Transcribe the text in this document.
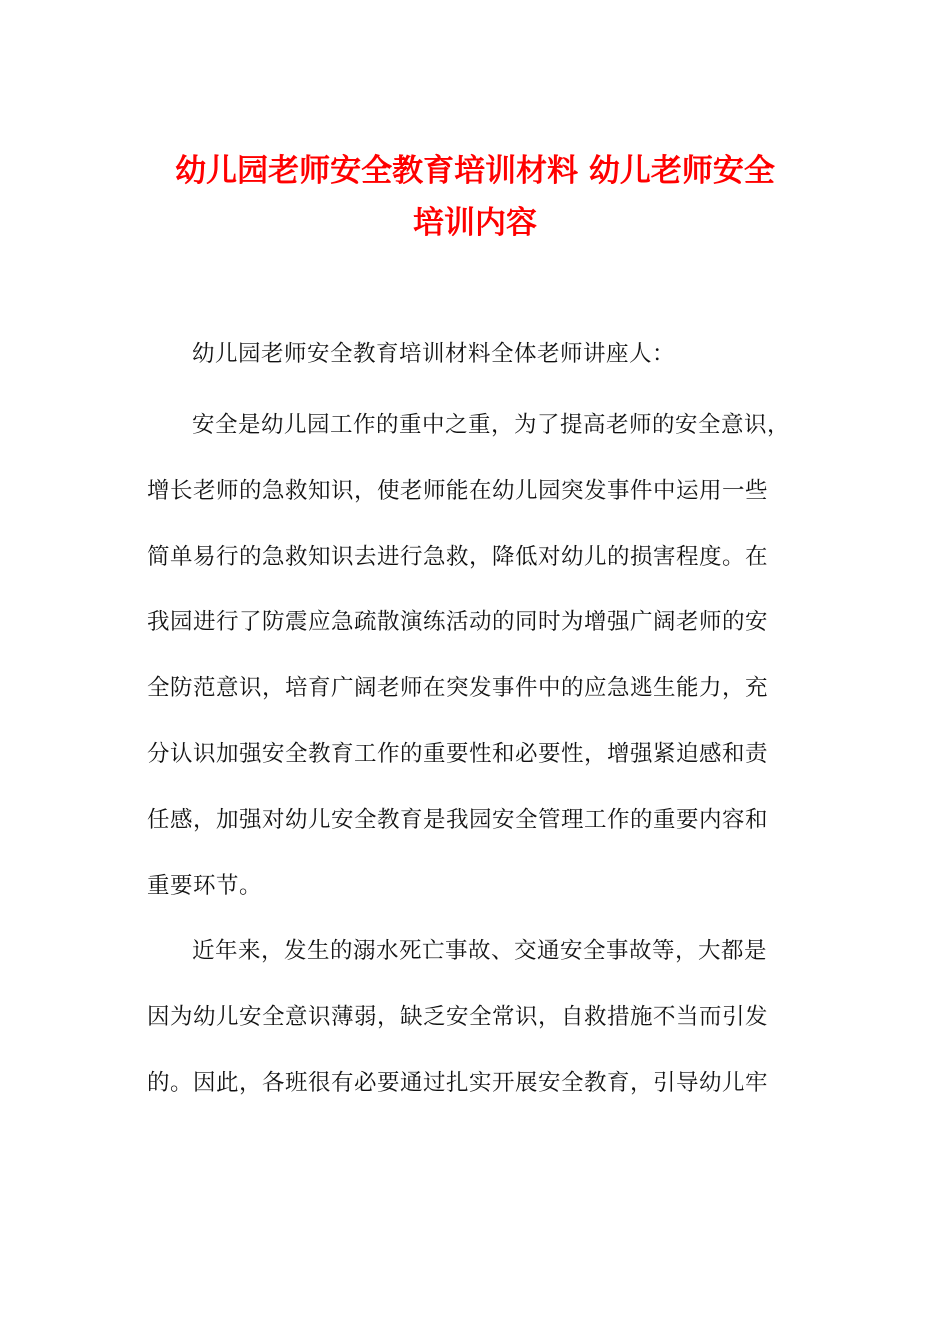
幼儿园老师安全教育培训材料 幼儿老师安全
培训内容
幼儿园老师安全教育培训材料全体老师讲座人：
安全是幼儿园工作的重中之重，为了提高老师的安全意识，
增长老师的急救知识，使老师能在幼儿园突发事件中运用一些
简单易行的急救知识去进行急救，降低对幼儿的损害程度。在
我园进行了防震应急疏散演练活动的同时为增强广阔老师的安
全防范意识，培育广阔老师在突发事件中的应急逃生能力，充
分认识加强安全教育工作的重要性和必要性，增强紧迫感和责
任感，加强对幼儿安全教育是我园安全管理工作的重要内容和
重要环节。
近年来，发生的溺水死亡事故、交通安全事故等，大都是
因为幼儿安全意识薄弱，缺乏安全常识，自救措施不当而引发
的。因此，各班很有必要通过扎实开展安全教育，引导幼儿牢
